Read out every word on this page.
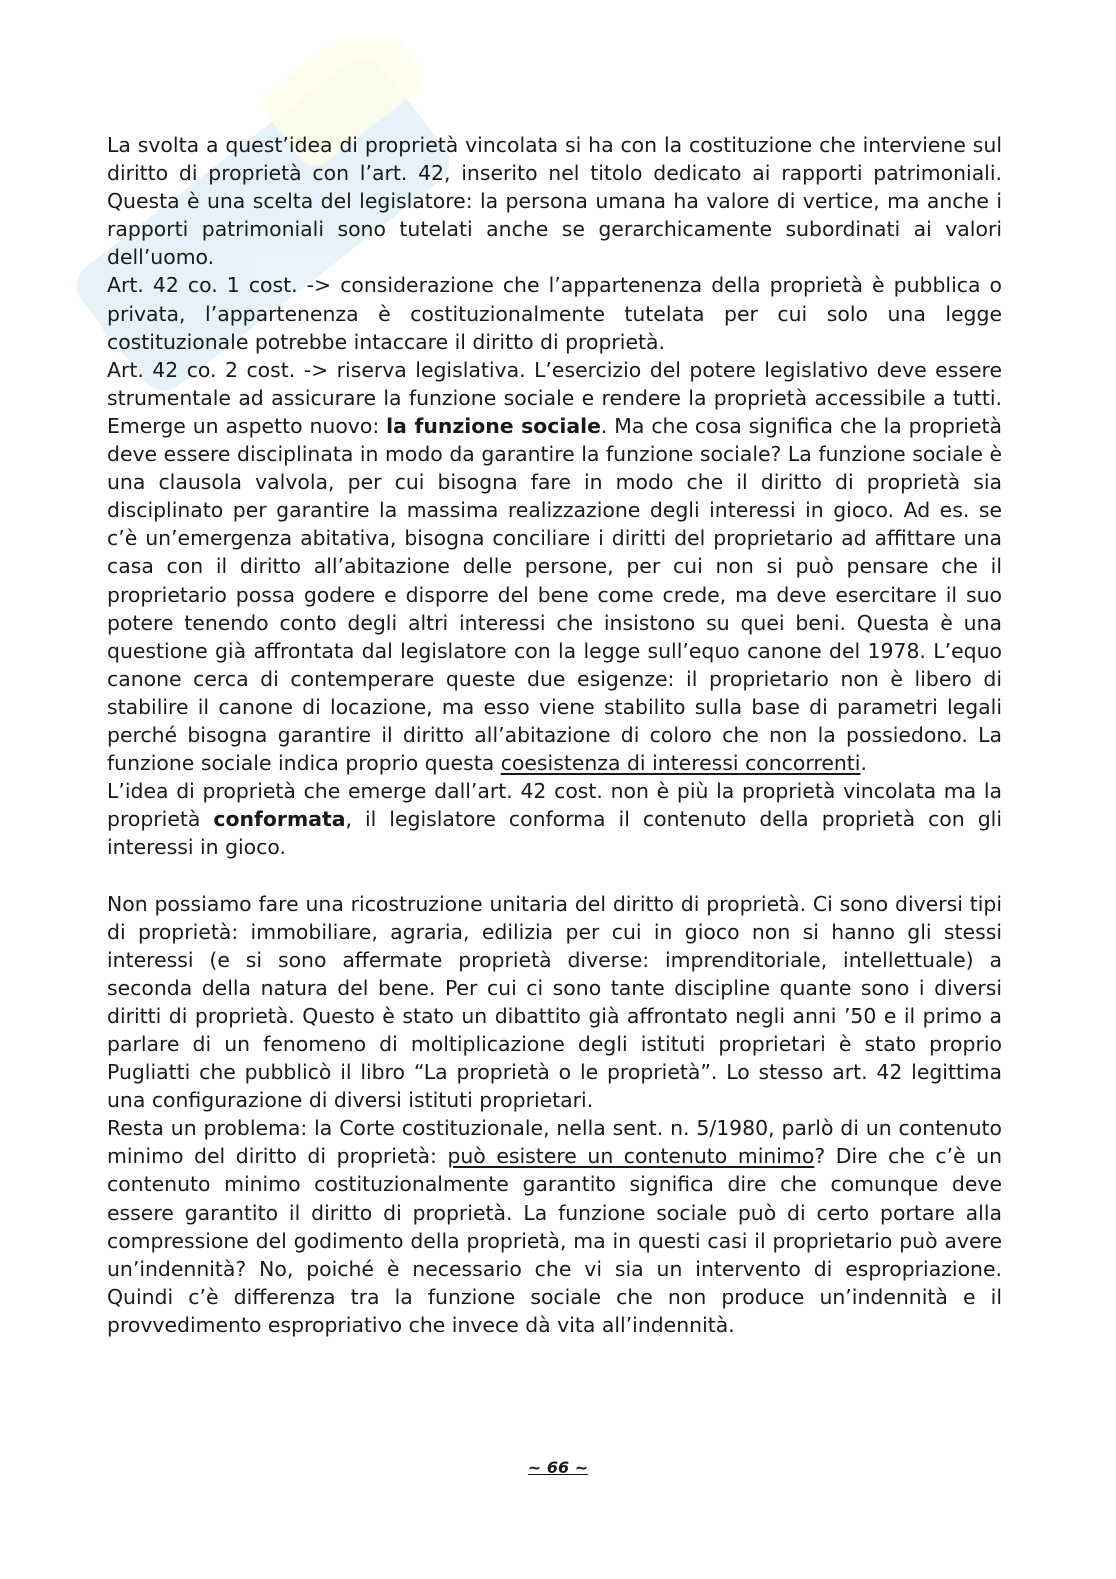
La svolta a quest’idea di proprietà vincolata si ha con la costituzione che interviene sul diritto di proprietà con l’art. 42, inserito nel titolo dedicato ai rapporti patrimoniali. Questa è una scelta del legislatore: la persona umana ha valore di vertice, ma anche i rapporti patrimoniali sono tutelati anche se gerarchicamente subordinati ai valori dell’uomo.

Art. 42 co. 1 cost. -> considerazione che l’appartenenza della proprietà è pubblica o privata, l’appartenenza è costituzionalmente tutelata per cui solo una legge costituzionale potrebbe intaccare il diritto di proprietà.

Art. 42 co. 2 cost. -> riserva legislativa. L’esercizio del potere legislativo deve essere strumentale ad assicurare la funzione sociale e rendere la proprietà accessibile a tutti. Emerge un aspetto nuovo: la funzione sociale. Ma che cosa significa che la proprietà deve essere disciplinata in modo da garantire la funzione sociale? La funzione sociale è una clausola valvola, per cui bisogna fare in modo che il diritto di proprietà sia disciplinato per garantire la massima realizzazione degli interessi in gioco. Ad es. se c’è un’emergenza abitativa, bisogna conciliare i diritti del proprietario ad affittare una casa con il diritto all’abitazione delle persone, per cui non si può pensare che il proprietario possa godere e disporre del bene come crede, ma deve esercitare il suo potere tenendo conto degli altri interessi che insistono su quei beni. Questa è una questione già affrontata dal legislatore con la legge sull’equo canone del 1978. L’equo canone cerca di contemperare queste due esigenze: il proprietario non è libero di stabilire il canone di locazione, ma esso viene stabilito sulla base di parametri legali perché bisogna garantire il diritto all’abitazione di coloro che non la possiedono. La funzione sociale indica proprio questa coesistenza di interessi concorrenti.

L’idea di proprietà che emerge dall’art. 42 cost. non è più la proprietà vincolata ma la proprietà conformata, il legislatore conforma il contenuto della proprietà con gli interessi in gioco.

Non possiamo fare una ricostruzione unitaria del diritto di proprietà. Ci sono diversi tipi di proprietà: immobiliare, agraria, edilizia per cui in gioco non si hanno gli stessi interessi (e si sono affermate proprietà diverse: imprenditoriale, intellettuale) a seconda della natura del bene. Per cui ci sono tante discipline quante sono i diversi diritti di proprietà. Questo è stato un dibattito già affrontato negli anni ’50 e il primo a parlare di un fenomeno di moltiplicazione degli istituti proprietari è stato proprio Pugliatti che pubblicò il libro “La proprietà o le proprietà”. Lo stesso art. 42 legittima una configurazione di diversi istituti proprietari.

Resta un problema: la Corte costituzionale, nella sent. n. 5/1980, parlò di un contenuto minimo del diritto di proprietà: può esistere un contenuto minimo? Dire che c’è un contenuto minimo costituzionalmente garantito significa dire che comunque deve essere garantito il diritto di proprietà. La funzione sociale può di certo portare alla compressione del godimento della proprietà, ma in questi casi il proprietario può avere un’indennità? No, poiché è necessario che vi sia un intervento di espropriazione. Quindi c’è differenza tra la funzione sociale che non produce un’indennità e il provvedimento espropriativo che invece dà vita all’indennità.

~ 66 ~
